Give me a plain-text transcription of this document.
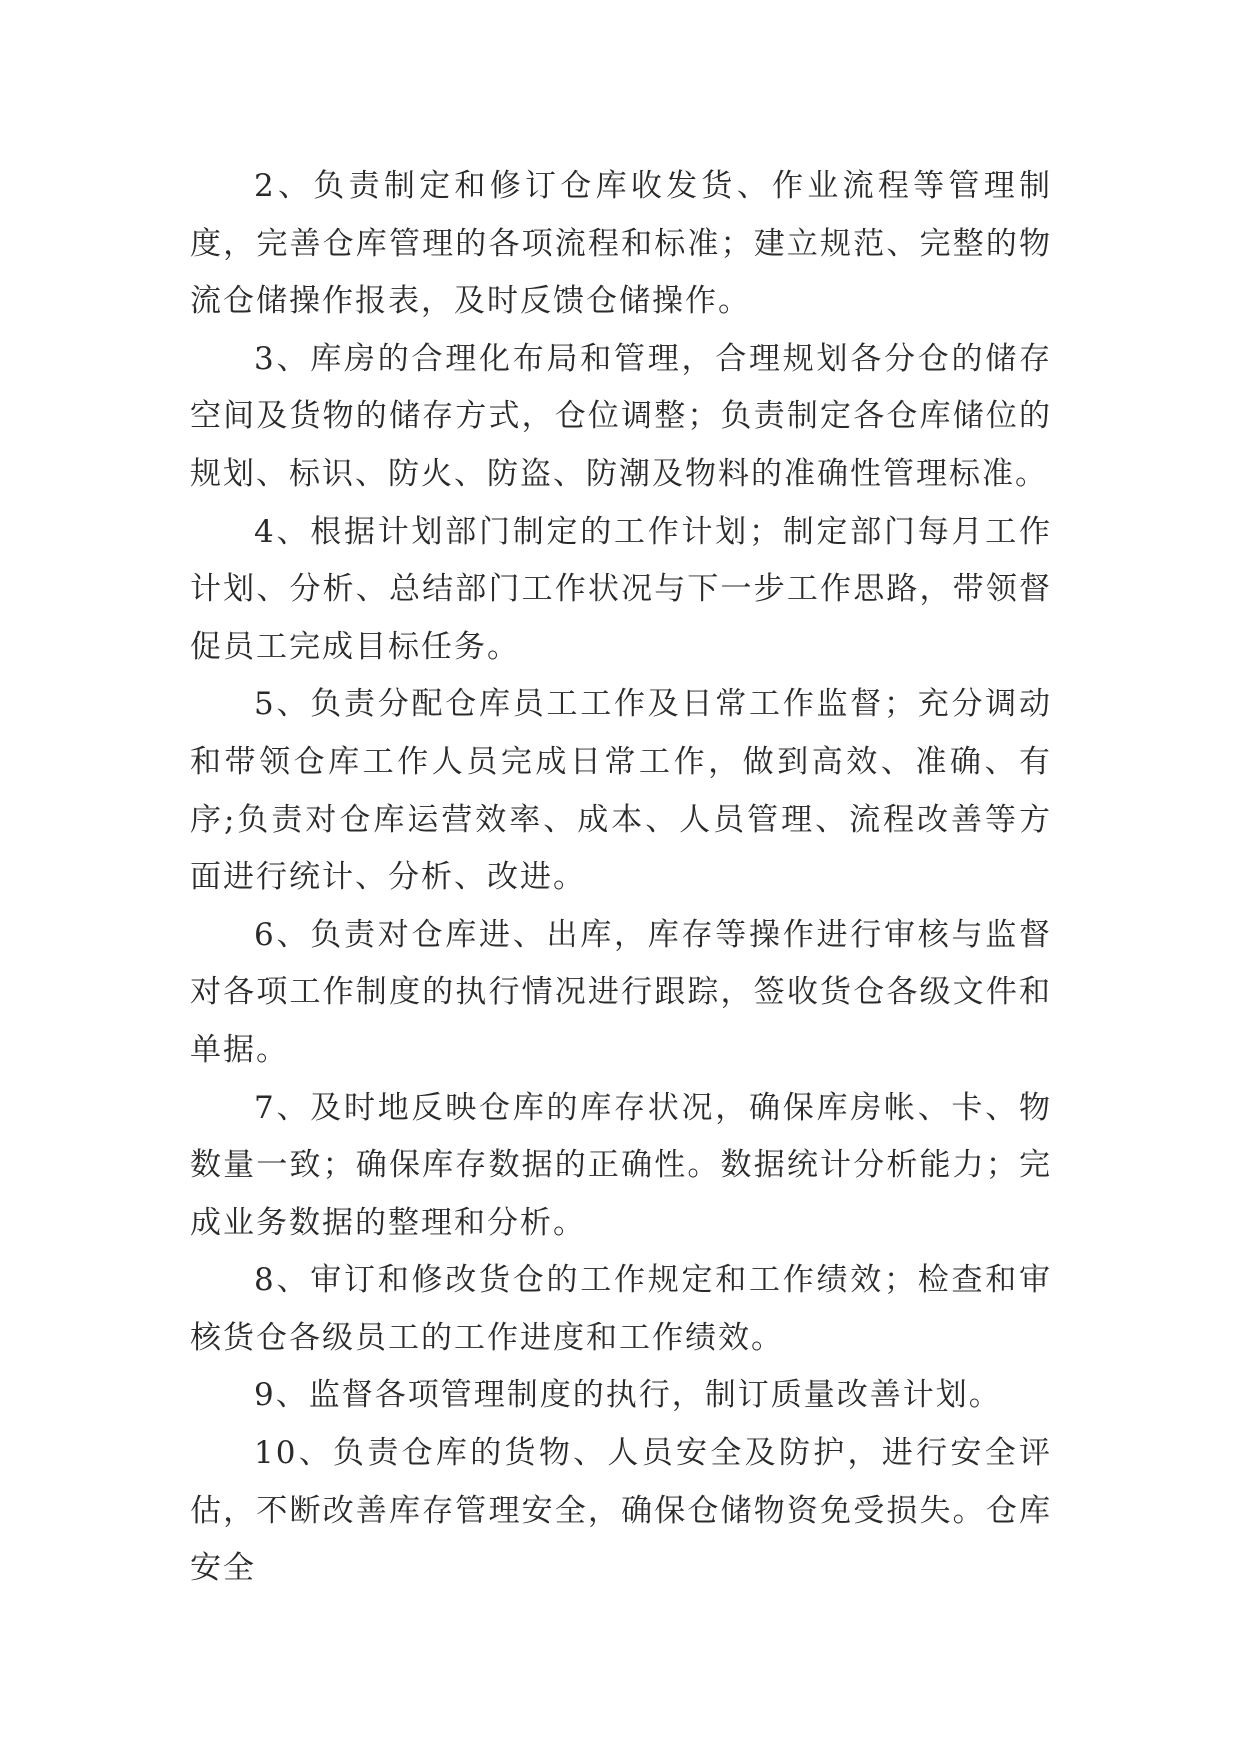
2、负责制定和修订仓库收发货、作业流程等管理制度，完善仓库管理的各项流程和标准；建立规范、完整的物流仓储操作报表，及时反馈仓储操作。

3、库房的合理化布局和管理，合理规划各分仓的储存空间及货物的储存方式，仓位调整；负责制定各仓库储位的规划、标识、防火、防盗、防潮及物料的准确性管理标准。

4、根据计划部门制定的工作计划；制定部门每月工作计划、分析、总结部门工作状况与下一步工作思路，带领督促员工完成目标任务。

5、负责分配仓库员工工作及日常工作监督；充分调动和带领仓库工作人员完成日常工作，做到高效、准确、有序;负责对仓库运营效率、成本、人员管理、流程改善等方面进行统计、分析、改进。

6、负责对仓库进、出库，库存等操作进行审核与监督对各项工作制度的执行情况进行跟踪，签收货仓各级文件和单据。

7、及时地反映仓库的库存状况，确保库房帐、卡、物数量一致；确保库存数据的正确性。数据统计分析能力；完成业务数据的整理和分析。

8、审订和修改货仓的工作规定和工作绩效；检查和审核货仓各级员工的工作进度和工作绩效。

9、监督各项管理制度的执行，制订质量改善计划。

10、负责仓库的货物、人员安全及防护，进行安全评估，不断改善库存管理安全，确保仓储物资免受损失。仓库安全
